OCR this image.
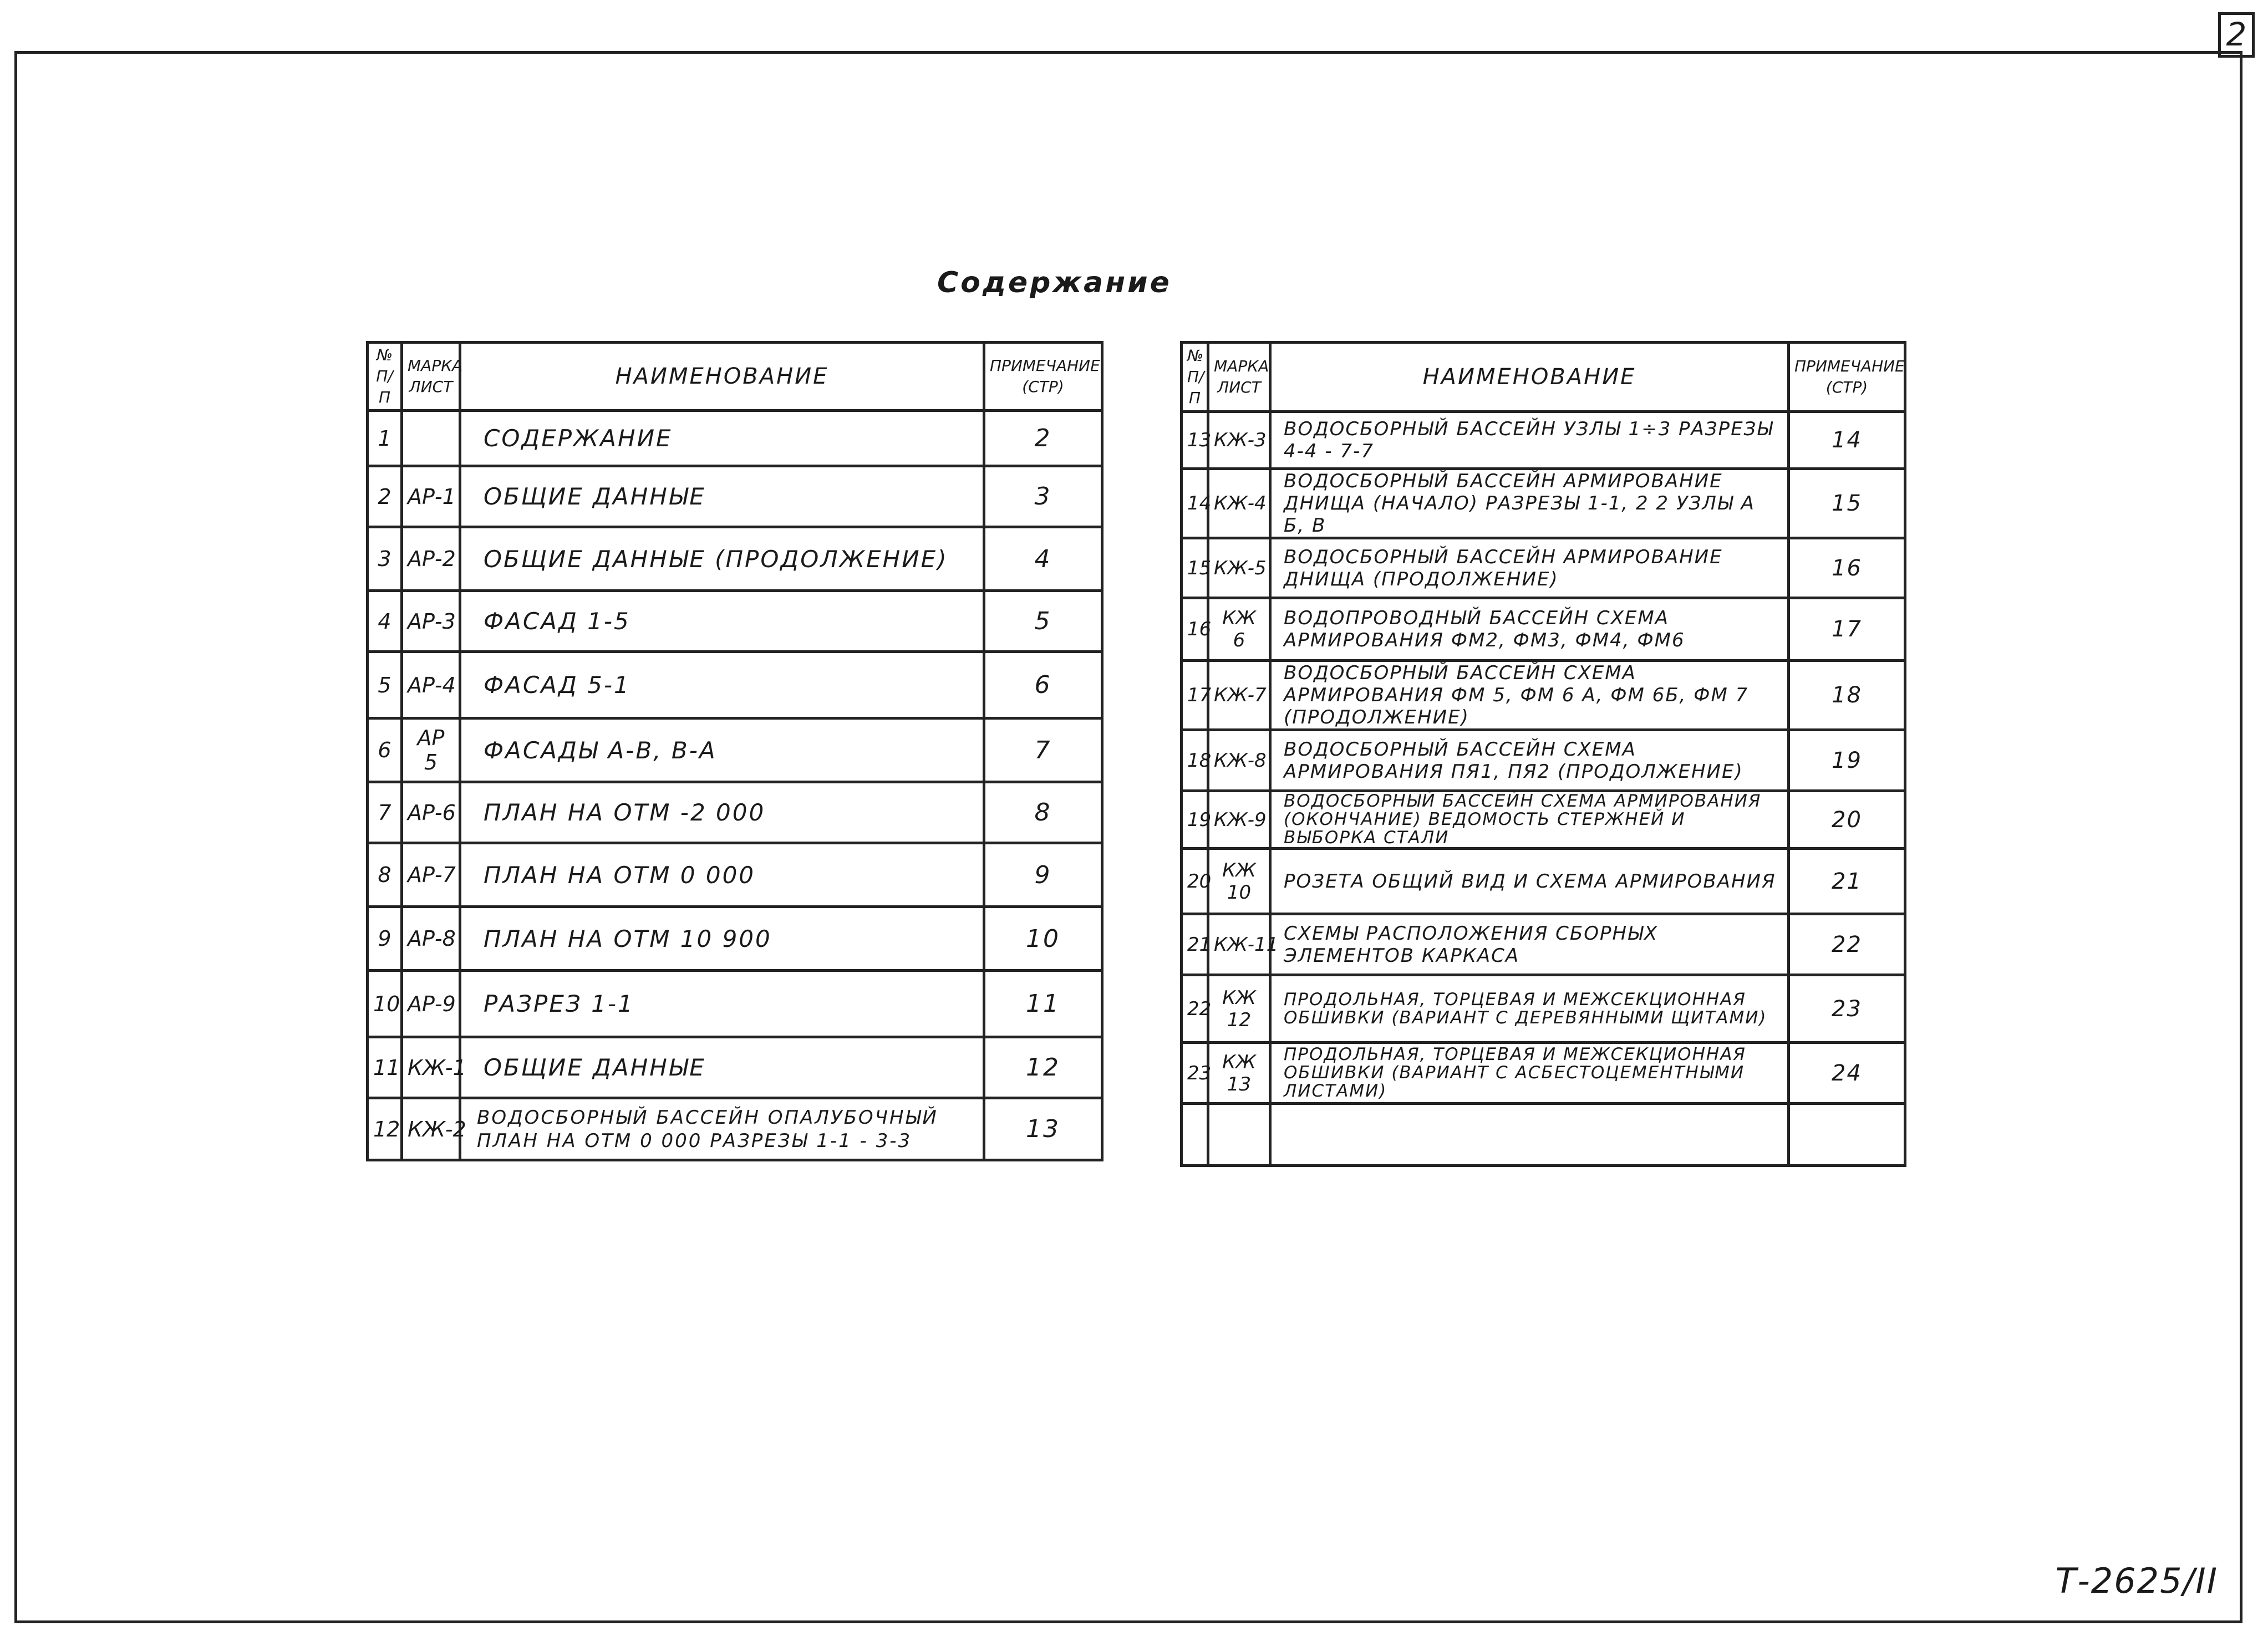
2
Содержание
№
П/П	МАРКА
ЛИСТ	НАИМЕНОВАНИЕ	ПРИМЕЧАНИЕ
(СТР)
1		СОДЕРЖАНИЕ	2
2	АР-1	ОБЩИЕ ДАННЫЕ	3
3	АР-2	ОБЩИЕ ДАННЫЕ (ПРОДОЛЖЕНИЕ)	4
4	АР-3	ФАСАД 1-5	5
5	АР-4	ФАСАД 5-1	6
6	АР 5	ФАСАДЫ А-В, В-А	7
7	АР-6	ПЛАН НА ОТМ -2 000	8
8	АР-7	ПЛАН НА ОТМ 0 000	9
9	АР-8	ПЛАН НА ОТМ 10 900	10
10	АР-9	РАЗРЕЗ 1-1	11
11	КЖ-1	ОБЩИЕ ДАННЫЕ	12
12	КЖ-2	ВОДОСБОРНЫЙ БАССЕЙН ОПАЛУБОЧНЫЙ ПЛАН НА ОТМ 0 000 РАЗРЕЗЫ 1-1 - 3-3	13
№
П/П	МАРКА
ЛИСТ	НАИМЕНОВАНИЕ	ПРИМЕЧАНИЕ
(СТР)
13	КЖ-3	ВОДОСБОРНЫЙ БАССЕЙН УЗЛЫ 1÷3 РАЗРЕЗЫ 4-4 - 7-7	14
14	КЖ-4	ВОДОСБОРНЫЙ БАССЕЙН АРМИРОВАНИЕ ДНИЩА (НАЧАЛО) РАЗРЕЗЫ 1-1, 2 2 УЗЛЫ А Б, В	15
15	КЖ-5	ВОДОСБОРНЫЙ БАССЕЙН АРМИРОВАНИЕ ДНИЩА (ПРОДОЛЖЕНИЕ)	16
16	КЖ 6	ВОДОПРОВОДНЫЙ БАССЕЙН СХЕМА АРМИРОВАНИЯ ФМ2, ФМ3, ФМ4, ФМ6	17
17	КЖ-7	ВОДОСБОРНЫЙ БАССЕЙН СХЕМА АРМИРОВАНИЯ ФМ 5, ФМ 6 А, ФМ 6Б, ФМ 7 (ПРОДОЛЖЕНИЕ)	18
18	КЖ-8	ВОДОСБОРНЫЙ БАССЕЙН СХЕМА АРМИРОВАНИЯ ПЯ1, ПЯ2 (ПРОДОЛЖЕНИЕ)	19
19	КЖ-9	ВОДОСБОРНЫЙ БАССЕЙН СХЕМА АРМИРОВАНИЯ (ОКОНЧАНИЕ) ВЕДОМОСТЬ СТЕРЖНЕЙ И ВЫБОРКА СТАЛИ	20
20	КЖ 10	РОЗЕТА ОБЩИЙ ВИД И СХЕМА АРМИРОВАНИЯ	21
21	КЖ-11	СХЕМЫ РАСПОЛОЖЕНИЯ СБОРНЫХ ЭЛЕМЕНТОВ КАРКАСА	22
22	КЖ 12	ПРОДОЛЬНАЯ, ТОРЦЕВАЯ И МЕЖСЕКЦИОННАЯ ОБШИВКИ (ВАРИАНТ С ДЕРЕВЯННЫМИ ЩИТАМИ)	23
23	КЖ 13	ПРОДОЛЬНАЯ, ТОРЦЕВАЯ И МЕЖСЕКЦИОННАЯ ОБШИВКИ (ВАРИАНТ С АСБЕСТОЦЕМЕНТНЫМИ ЛИСТАМИ)	24

Т-2625/II
